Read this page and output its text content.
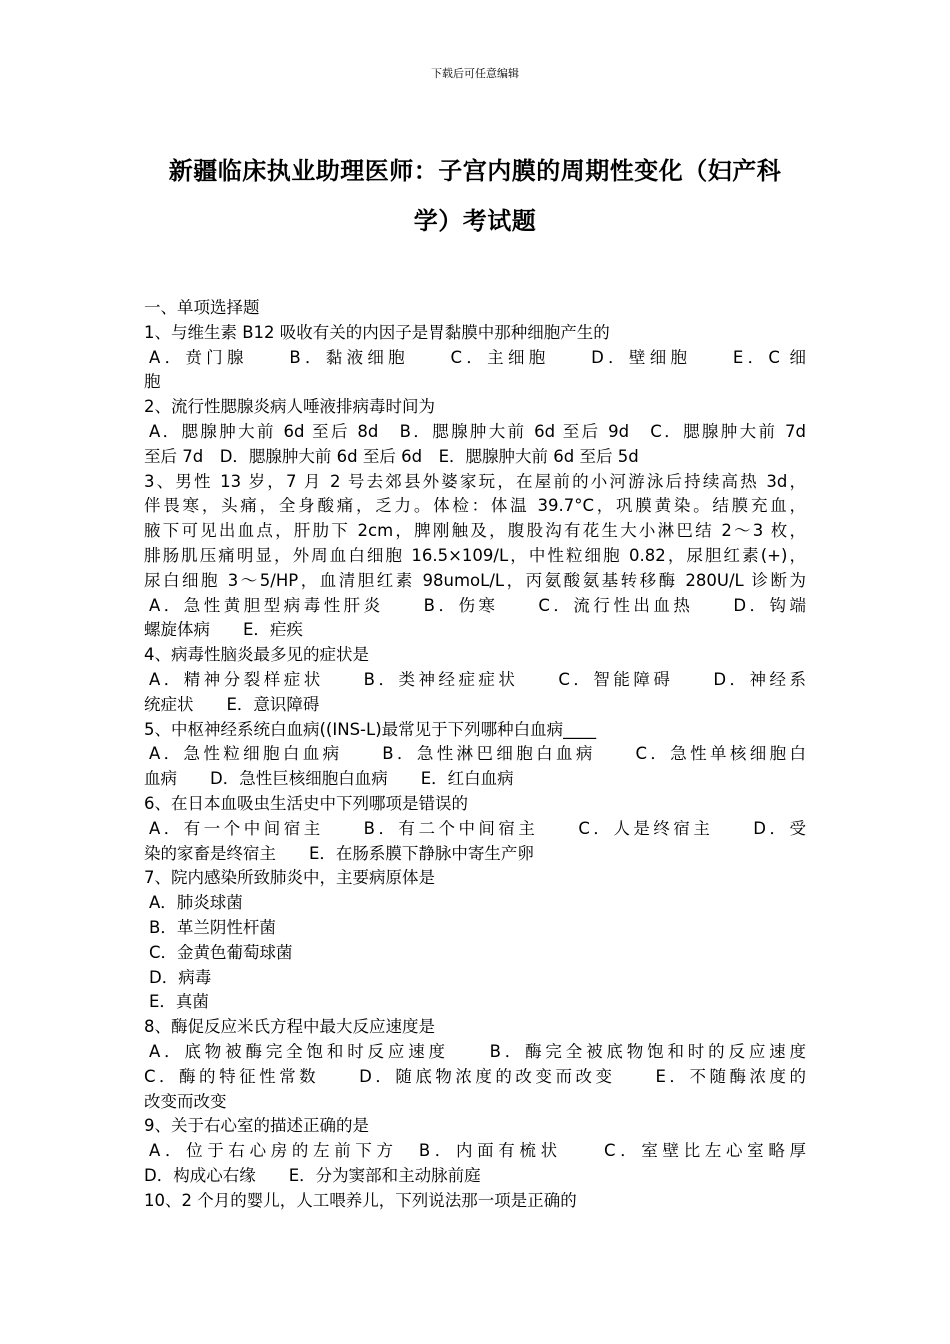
下载后可任意编辑
新疆临床执业助理医师：子宫内膜的周期性变化（妇产科
学）考试题
一、单项选择题
1、与维生素 B12 吸收有关的内因子是胃黏膜中那种细胞产生的
A．贲门腺　　B．黏液细胞　　C．主细胞　　D．壁细胞　　E．C 细
胞
2、流行性腮腺炎病人唾液排病毒时间为
A．腮腺肿大前 6d 至后 8d　B．腮腺肿大前 6d 至后 9d　C．腮腺肿大前 7d
至后 7d　D．腮腺肿大前 6d 至后 6d　E．腮腺肿大前 6d 至后 5d
3、男性 13 岁，7 月 2 号去郊县外婆家玩，在屋前的小河游泳后持续高热 3d，
伴畏寒，头痛，全身酸痛，乏力。体检：体温 39.7°C，巩膜黄染。结膜充血，
腋下可见出血点，肝肋下 2cm，脾刚触及，腹股沟有花生大小淋巴结 2～3 枚，
腓肠肌压痛明显，外周血白细胞 16.5×109/L，中性粒细胞 0.82，尿胆红素(+)，
尿白细胞 3～5/HP，血清胆红素 98umoL/L，丙氨酸氨基转移酶 280U/L 诊断为
A．急性黄胆型病毒性肝炎　　B．伤寒　　C．流行性出血热　　D．钩端
螺旋体病　　E．疟疾
4、病毒性脑炎最多见的症状是
A．精神分裂样症状　　B．类神经症症状　　C．智能障碍　　D．神经系
统症状　　E．意识障碍
5、中枢神经系统白血病((INS-L)最常见于下列哪种白血病____
A．急性粒细胞白血病　　B．急性淋巴细胞白血病　　C．急性单核细胞白
血病　　D．急性巨核细胞白血病　　E．红白血病
6、在日本血吸虫生活史中下列哪项是错误的
A．有一个中间宿主　　B．有二个中间宿主　　C．人是终宿主　　D．受
染的家畜是终宿主　　E．在肠系膜下静脉中寄生产卵
7、院内感染所致肺炎中，主要病原体是
A．肺炎球菌
B．革兰阴性杆菌
C．金黄色葡萄球菌
D．病毒
E．真菌
8、酶促反应米氏方程中最大反应速度是
A．底物被酶完全饱和时反应速度　　B．酶完全被底物饱和时的反应速度
C．酶的特征性常数　　D．随底物浓度的改变而改变　　E．不随酶浓度的
改变而改变
9、关于右心室的描述正确的是
A．位于右心房的左前下方　B．内面有梳状　　C．室壁比左心室略厚
D．构成心右缘　　E．分为窦部和主动脉前庭
10、2 个月的婴儿，人工喂养儿，下列说法那一项是正确的
